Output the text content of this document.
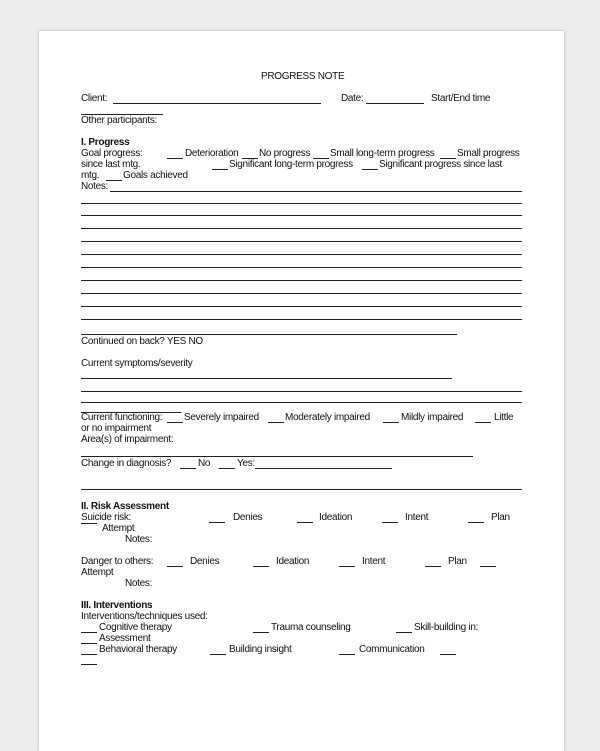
PROGRESS NOTE
Client:	Date:	Start/End time
Other participants:
I. Progress
Goal progress:	Deterioration No progress Small long-term progress Small progress
since last mtg.	Significant long-term progress	Significant progress since last
mtg. Goals achieved
Notes:
Continued on back? YES NO
Current symptoms/severity
Current functioning: Severely impaired	Moderately impaired	Mildly impaired	Little
or no impairment
Area(s) of impairment:
Change in diagnosis?	No	Yes:
II. Risk Assessment
Suicide risk:	Denies	Ideation	Intent	Plan
Attempt
Notes:
Danger to others:	Denies	Ideation	Intent	Plan
Attempt
Notes:
III. Interventions
Interventions/techniques used:
Cognitive therapy	Trauma counseling	Skill-building in:
Assessment
Behavioral therapy	Building insight	Communication
